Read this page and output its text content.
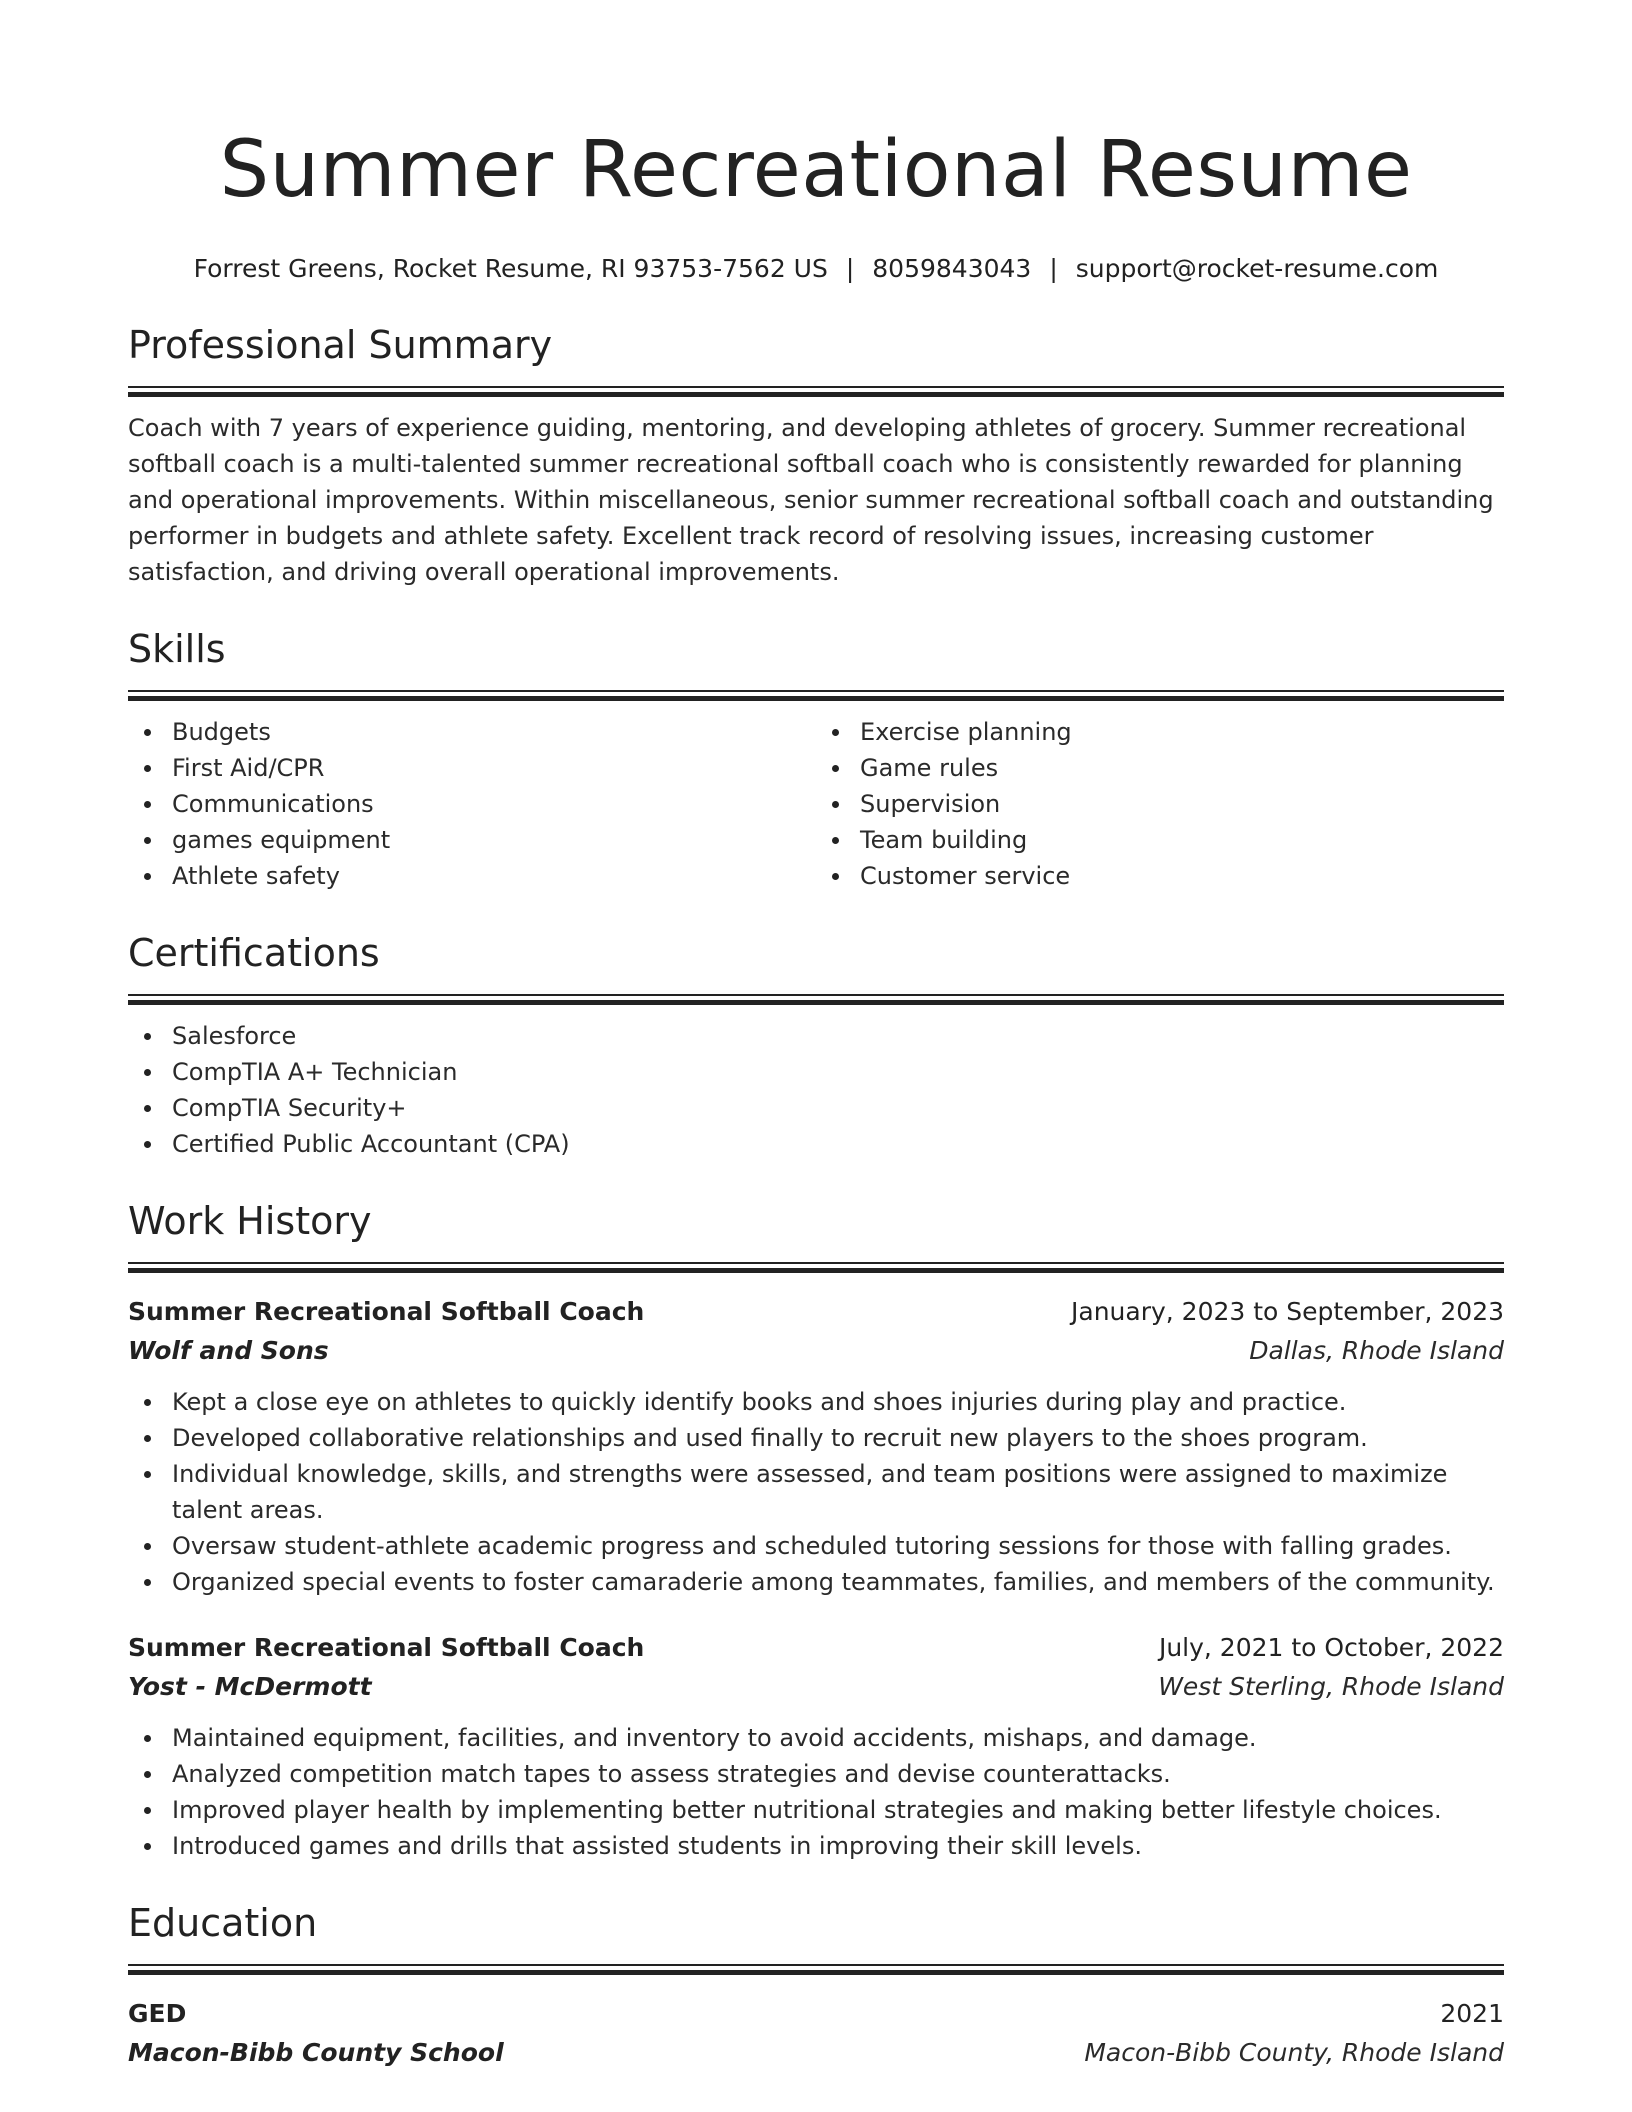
Summer Recreational Resume
Forrest Greens, Rocket Resume, RI 93753-7562 US | 8059843043 | support@rocket-resume.com
Professional Summary

Coach with 7 years of experience guiding, mentoring, and developing athletes of grocery. Summer recreational softball coach is a multi-talented summer recreational softball coach who is consistently rewarded for planning and operational improvements. Within miscellaneous, senior summer recreational softball coach and outstanding performer in budgets and athlete safety. Excellent track record of resolving issues, increasing customer satisfaction, and driving overall operational improvements.

Skills
Budgets
First Aid/CPR
Communications
games equipment
Athlete safety
Exercise planning
Game rules
Supervision
Team building
Customer service
Certifications
Salesforce
CompTIA A+ Technician
CompTIA Security+
Certified Public Accountant (CPA)
Work History
Summer Recreational Softball Coach	January, 2023 to September, 2023
Wolf and Sons	Dallas, Rhode Island
Kept a close eye on athletes to quickly identify books and shoes injuries during play and practice.
Developed collaborative relationships and used finally to recruit new players to the shoes program.
Individual knowledge, skills, and strengths were assessed, and team positions were assigned to maximize talent areas.
Oversaw student-athlete academic progress and scheduled tutoring sessions for those with falling grades.
Organized special events to foster camaraderie among teammates, families, and members of the community.
Summer Recreational Softball Coach	July, 2021 to October, 2022
Yost - McDermott	West Sterling, Rhode Island
Maintained equipment, facilities, and inventory to avoid accidents, mishaps, and damage.
Analyzed competition match tapes to assess strategies and devise counterattacks.
Improved player health by implementing better nutritional strategies and making better lifestyle choices.
Introduced games and drills that assisted students in improving their skill levels.
Education
GED	2021
Macon-Bibb County School	Macon-Bibb County, Rhode Island
